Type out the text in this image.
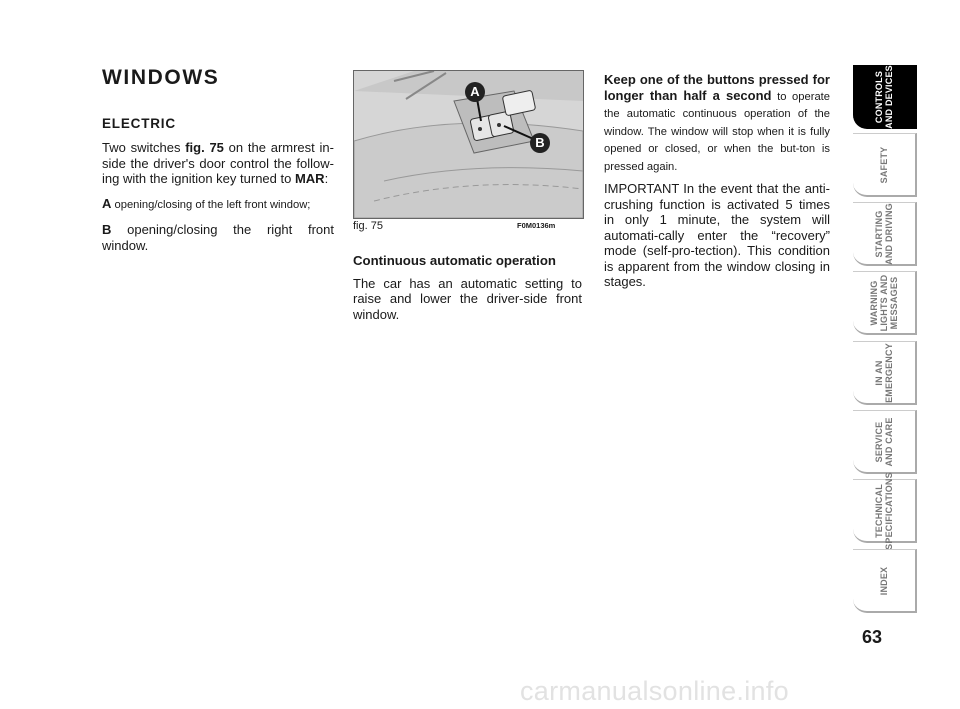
WINDOWS
ELECTRIC

Two switches fig. 75 on the armrest in-side the driver's door control the follow-ing with the ignition key turned to MAR:

A opening/closing of the left front window;

B opening/closing the right front window.

A
B
fig. 75	F0M0136m

Continuous automatic operation

The car has an automatic setting to raise and lower the driver-side front window.

Keep one of the buttons pressed for longer than half a second to operate the automatic continuous operation of the window. The window will stop when it is fully opened or closed, or when the but-ton is pressed again.

IMPORTANT In the event that the anti-crushing function is activated 5 times in only 1 minute, the system will automati-cally enter the “recovery” mode (self-pro-tection). This condition is apparent from the window closing in stages.

CONTROLS
AND DEVICES
SAFETY
STARTING
AND DRIVING
WARNING
LIGHTS AND
MESSAGES
IN AN
EMERGENCY
SERVICE
AND CARE
TECHNICAL
SPECIFICATIONS
INDEX
63
carmanualsonline.info
